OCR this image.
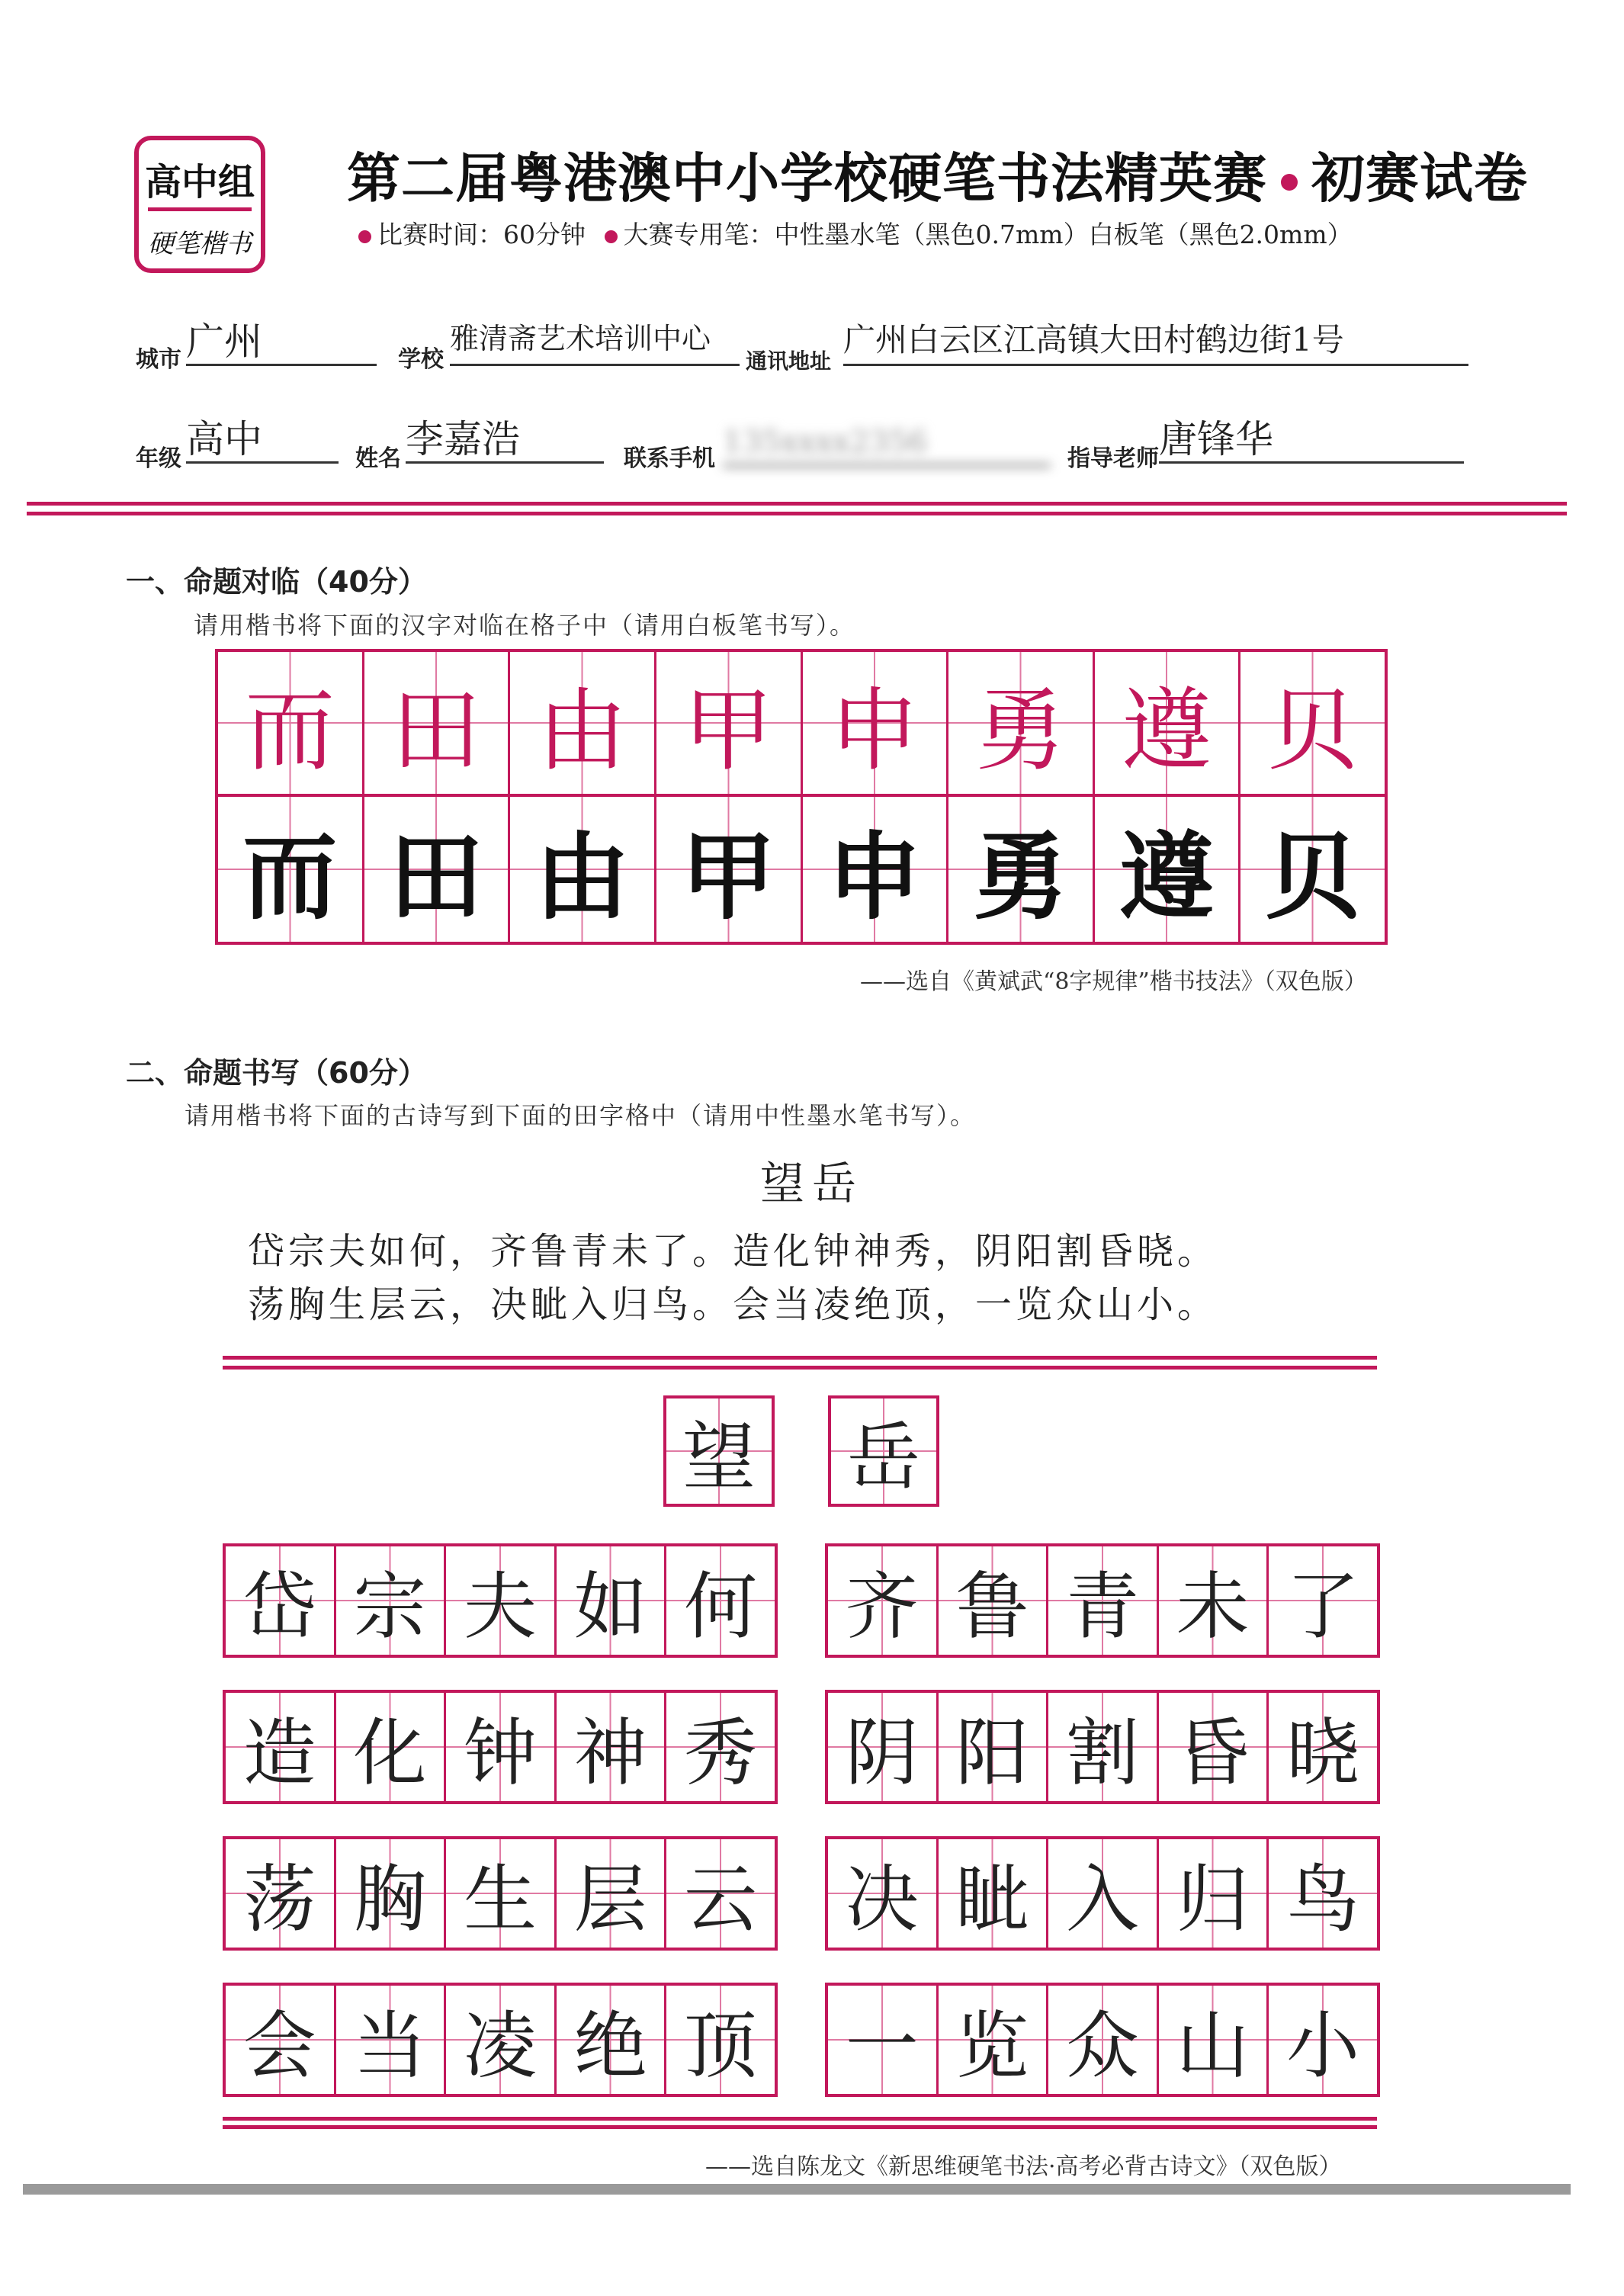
高中组
硬笔楷书
第二届粤港澳中小学校硬笔书法精英赛 初赛试卷
比赛时间：60分钟 大赛专用笔：中性墨水笔（黑色0.7mm）白板笔（黑色2.0mm）
城市 广州	学校
雅清斋艺术培训中心
通讯地址
广州白云区江高镇大田村鹤边街1号
年级 高中	姓名 李嘉浩	联系手机 135xxxx2356	指导老师 唐锋华
一、命题对临（40分）
请用楷书将下面的汉字对临在格子中（请用白板笔书写）。
而 田 由 甲 申 勇 遵 贝
而 田 由 甲 申 勇 遵 贝
——选自《黄斌武“8字规律”楷书技法》（双色版）
二、命题书写（60分）
请用楷书将下面的古诗写到下面的田字格中（请用中性墨水笔书写）。
望岳
岱宗夫如何，齐鲁青未了。造化钟神秀，阴阳割昏晓。
荡胸生层云，决眦入归鸟。会当凌绝顶，一览众山小。
望 岳
岱 宗 夫 如 何 齐 鲁 青 未 了
造 化 钟 神 秀 阴 阳 割 昏 晓
荡 胸 生 层 云 决 眦 入 归 鸟
会 当 凌 绝 顶 一 览 众 山 小
——选自陈龙文《新思维硬笔书法·高考必背古诗文》（双色版）
